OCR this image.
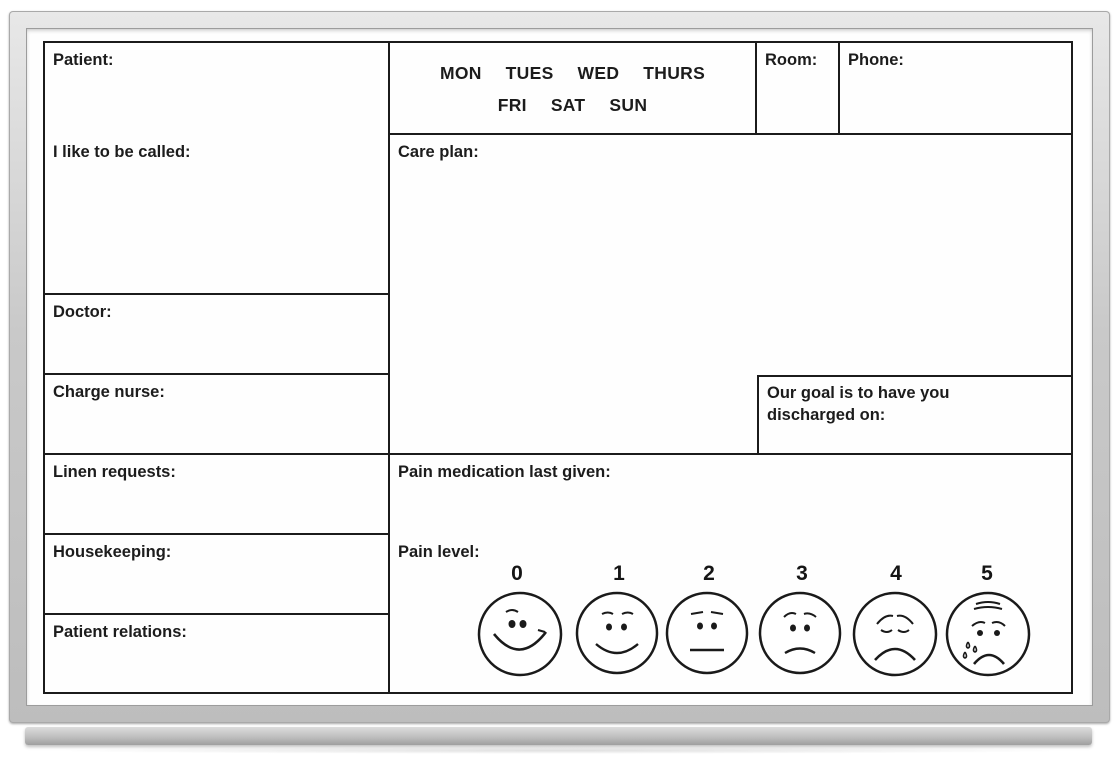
Patient:
I like to be called:
Doctor:
Charge nurse:
Linen requests:
Housekeeping:
Patient relations:
MON TUES WED THURS
FRI SAT SUN
Room: Phone:
Care plan:
Our goal is to have you
discharged on:
Pain medication last given:
Pain level:
0	1	2	3	4	5
